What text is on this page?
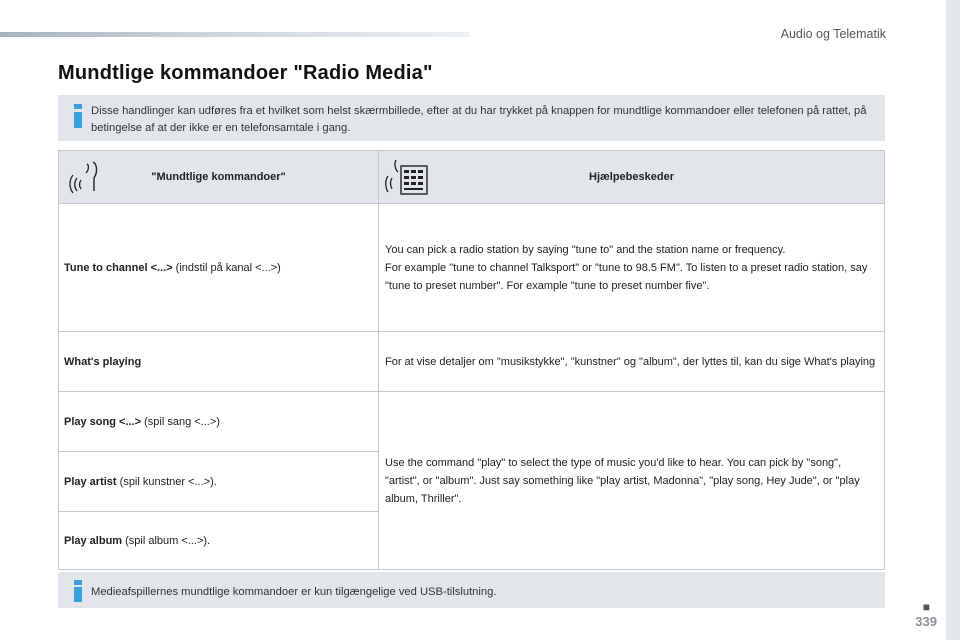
Audio og Telematik
Mundtlige kommandoer "Radio Media"
Disse handlinger kan udføres fra et hvilket som helst skærmbillede, efter at du har trykket på knappen for mundtlige kommandoer eller telefonen på rattet, på betingelse af at der ikke er en telefonsamtale i gang.
"Mundtlige kommandoer"	Hjælpebeskeder

Tune to channel <...> (indstil på kanal <...>)	You can pick a radio station by saying "tune to" and the station name or frequency.
For example "tune to channel Talksport" or "tune to 98.5 FM". To listen to a preset radio station, say "tune to preset number". For example "tune to preset number five".

What's playing	For at vise detaljer om "musikstykke", "kunstner" og "album", der lyttes til, kan du sige What's playing

Play song <...> (spil sang <...>)	Use the command "play" to select the type of music you'd like to hear. You can pick by "song", "artist", or "album". Just say something like "play artist, Madonna", "play song, Hey Jude", or "play album, Thriller".

Play artist (spil kunstner <...>).	
Play album (spil album <...>).	
Medieafspillernes mundtlige kommandoer er kun tilgængelige ved USB-tilslutning.
■
339
